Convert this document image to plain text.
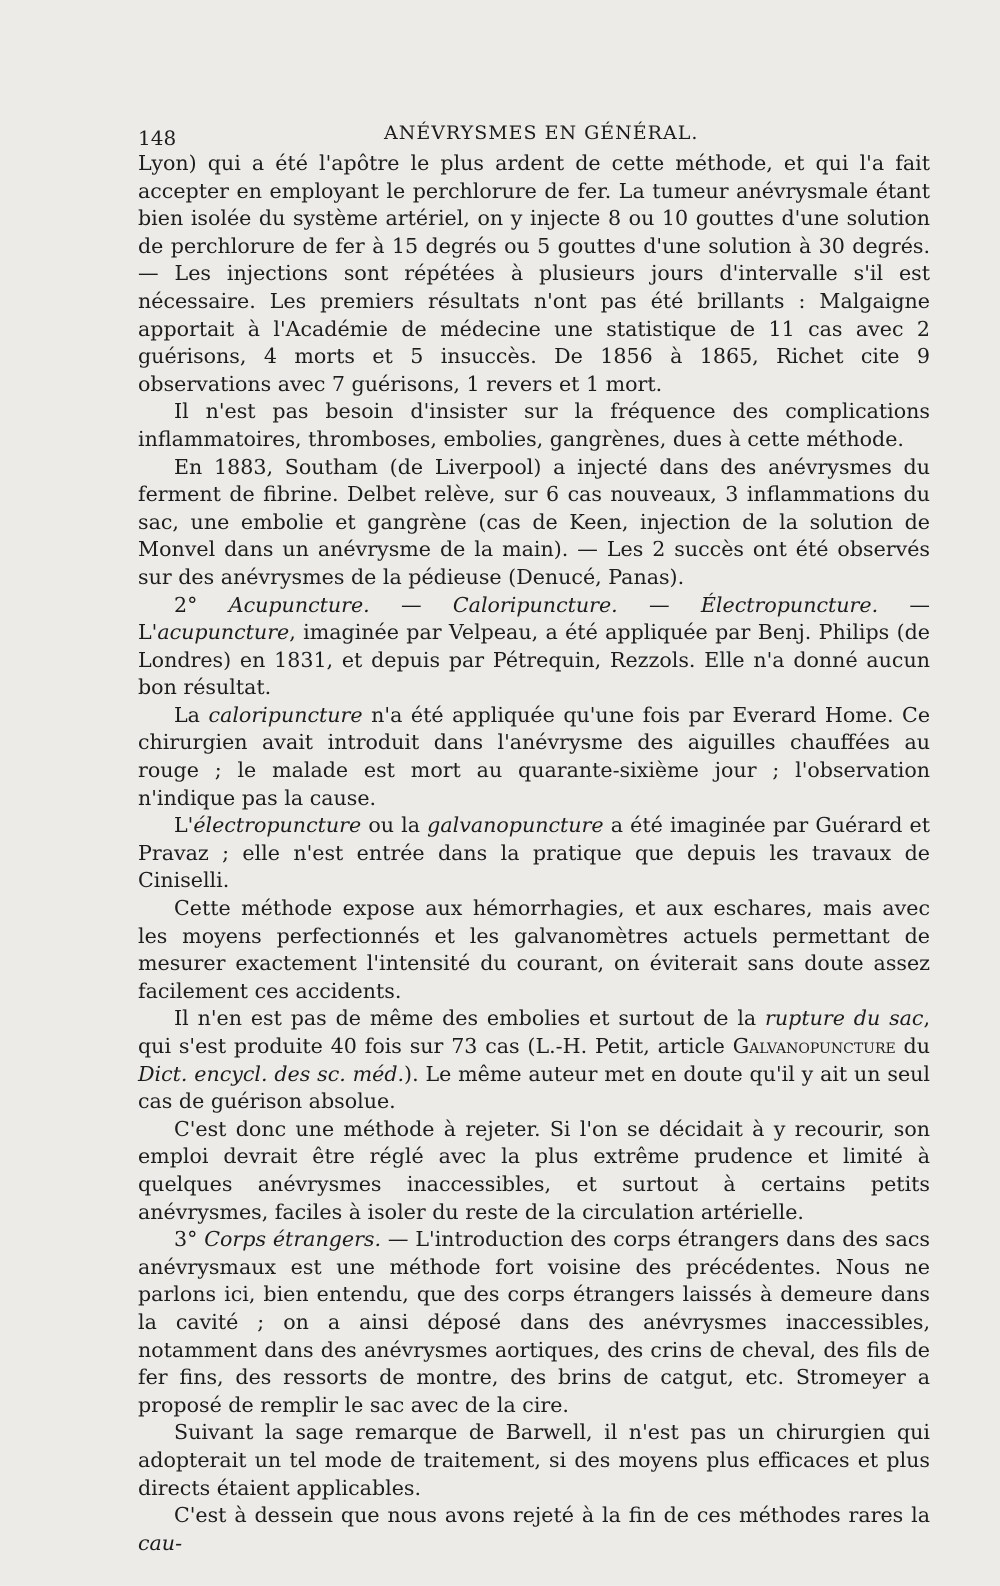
148	ANÉVRYSMES EN GÉNÉRAL.

Lyon) qui a été l'apôtre le plus ardent de cette méthode, et qui l'a fait accepter en employant le perchlorure de fer. La tumeur anévrysmale étant bien isolée du système artériel, on y injecte 8 ou 10 gouttes d'une solution de perchlorure de fer à 15 degrés ou 5 gouttes d'une solution à 30 degrés. — Les injections sont répétées à plusieurs jours d'intervalle s'il est nécessaire. Les premiers résultats n'ont pas été brillants : Malgaigne apportait à l'Académie de médecine une statistique de 11 cas avec 2 guérisons, 4 morts et 5 insuccès. De 1856 à 1865, Richet cite 9 observations avec 7 guérisons, 1 revers et 1 mort.

Il n'est pas besoin d'insister sur la fréquence des complications inflammatoires, thromboses, embolies, gangrènes, dues à cette méthode.

En 1883, Southam (de Liverpool) a injecté dans des anévrysmes du ferment de fibrine. Delbet relève, sur 6 cas nouveaux, 3 inflammations du sac, une embolie et gangrène (cas de Keen, injection de la solution de Monvel dans un anévrysme de la main). — Les 2 succès ont été observés sur des anévrysmes de la pédieuse (Denucé, Panas).

2° Acupuncture. — Caloripuncture. — Électropuncture. — L'acupuncture, imaginée par Velpeau, a été appliquée par Benj. Philips (de Londres) en 1831, et depuis par Pétrequin, Rezzols. Elle n'a donné aucun bon résultat.

La caloripuncture n'a été appliquée qu'une fois par Everard Home. Ce chirurgien avait introduit dans l'anévrysme des aiguilles chauffées au rouge ; le malade est mort au quarante-sixième jour ; l'observation n'indique pas la cause.

L'électropuncture ou la galvanopuncture a été imaginée par Guérard et Pravaz ; elle n'est entrée dans la pratique que depuis les travaux de Ciniselli.

Cette méthode expose aux hémorrhagies, et aux eschares, mais avec les moyens perfectionnés et les galvanomètres actuels permettant de mesurer exactement l'intensité du courant, on éviterait sans doute assez facilement ces accidents.

Il n'en est pas de même des embolies et surtout de la rupture du sac, qui s'est produite 40 fois sur 73 cas (L.-H. Petit, article Galvanopuncture du Dict. encycl. des sc. méd.). Le même auteur met en doute qu'il y ait un seul cas de guérison absolue.

C'est donc une méthode à rejeter. Si l'on se décidait à y recourir, son emploi devrait être réglé avec la plus extrême prudence et limité à quelques anévrysmes inaccessibles, et surtout à certains petits anévrysmes, faciles à isoler du reste de la circulation artérielle.

3° Corps étrangers. — L'introduction des corps étrangers dans des sacs anévrysmaux est une méthode fort voisine des précédentes. Nous ne parlons ici, bien entendu, que des corps étrangers laissés à demeure dans la cavité ; on a ainsi déposé dans des anévrysmes inaccessibles, notamment dans des anévrysmes aortiques, des crins de cheval, des fils de fer fins, des ressorts de montre, des brins de catgut, etc. Stromeyer a proposé de remplir le sac avec de la cire.

Suivant la sage remarque de Barwell, il n'est pas un chirurgien qui adopterait un tel mode de traitement, si des moyens plus efficaces et plus directs étaient applicables.

C'est à dessein que nous avons rejeté à la fin de ces méthodes rares la cau-
